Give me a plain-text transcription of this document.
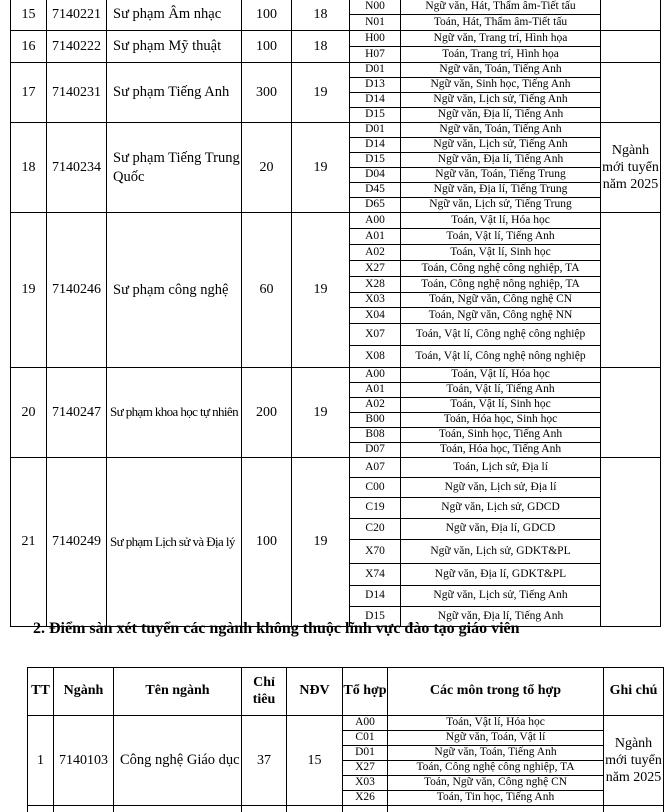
15	7140221	Sư phạm Âm nhạc	100	18	N00	Ngữ văn, Hát, Thẩm âm-Tiết tấu	
					N01	Toán, Hát, Thẩm âm-Tiết tấu	
16	7140222	Sư phạm Mỹ thuật	100	18	H00	Ngữ văn, Trang trí, Hình họa	
					H07	Toán, Trang trí, Hình họa	
17	7140231	Sư phạm Tiếng Anh	300	19	D01	Ngữ văn, Toán, Tiếng Anh	
					D13	Ngữ văn, Sinh học, Tiếng Anh	
					D14	Ngữ văn, Lịch sử, Tiếng Anh	
					D15	Ngữ văn, Địa lí, Tiếng Anh	
18	7140234	Sư phạm Tiếng Trung Quốc	20	19	D01	Ngữ văn, Toán, Tiếng Anh	Ngành mới tuyển năm 2025
					D14	Ngữ văn, Lịch sử, Tiếng Anh	
					D15	Ngữ văn, Địa lí, Tiếng Anh	
					D04	Ngữ văn, Toán, Tiếng Trung	
					D45	Ngữ văn, Địa lí, Tiếng Trung	
					D65	Ngữ văn, Lịch sử, Tiếng Trung	
19	7140246	Sư phạm công nghệ	60	19	A00	Toán, Vật lí, Hóa học	
					A01	Toán, Vật lí, Tiếng Anh	
					A02	Toán, Vật lí, Sinh học	
					X27	Toán, Công nghệ công nghiệp, TA	
					X28	Toán, Công nghệ nông nghiệp, TA	
					X03	Toán, Ngữ văn, Công nghệ CN	
					X04	Toán, Ngữ văn, Công nghệ NN	
					X07	Toán, Vật lí, Công nghệ công nghiệp	
					X08	Toán, Vật lí, Công nghệ nông nghiệp	
20	7140247	Sư phạm khoa học tự nhiên	200	19	A00	Toán, Vật lí, Hóa học	
					A01	Toán, Vật lí, Tiếng Anh	
					A02	Toán, Vật lí, Sinh học	
					B00	Toán, Hóa học, Sinh học	
					B08	Toán, Sinh học, Tiếng Anh	
					D07	Toán, Hóa học, Tiếng Anh	
21	7140249	Sư phạm Lịch sử và Địa lý	100	19	A07	Toán, Lịch sử, Địa lí	
					C00	Ngữ văn, Lịch sử, Địa lí	
					C19	Ngữ văn, Lịch sử, GDCD	
					C20	Ngữ văn, Địa lí, GDCD	
					X70	Ngữ văn, Lịch sử, GDKT&PL	
					X74	Ngữ văn, Địa lí, GDKT&PL	
					D14	Ngữ văn, Lịch sử, Tiếng Anh	
					D15	Ngữ văn, Địa lí, Tiếng Anh	
2. Điểm sàn xét tuyển các ngành không thuộc lĩnh vực đào tạo giáo viên
TT	Ngành	Tên ngành	Chỉ tiêu	NĐV	Tổ hợp	Các môn trong tổ hợp	Ghi chú
1	7140103	Công nghệ Giáo dục	37	15	A00	Toán, Vật lí, Hóa học	Ngành mới tuyển năm 2025
					C01	Ngữ văn, Toán, Vật lí	
					D01	Ngữ văn, Toán, Tiếng Anh	
					X27	Toán, Công nghệ công nghiệp, TA	
					X03	Toán, Ngữ văn, Công nghệ CN	
					X26	Toán, Tin học, Tiếng Anh	
